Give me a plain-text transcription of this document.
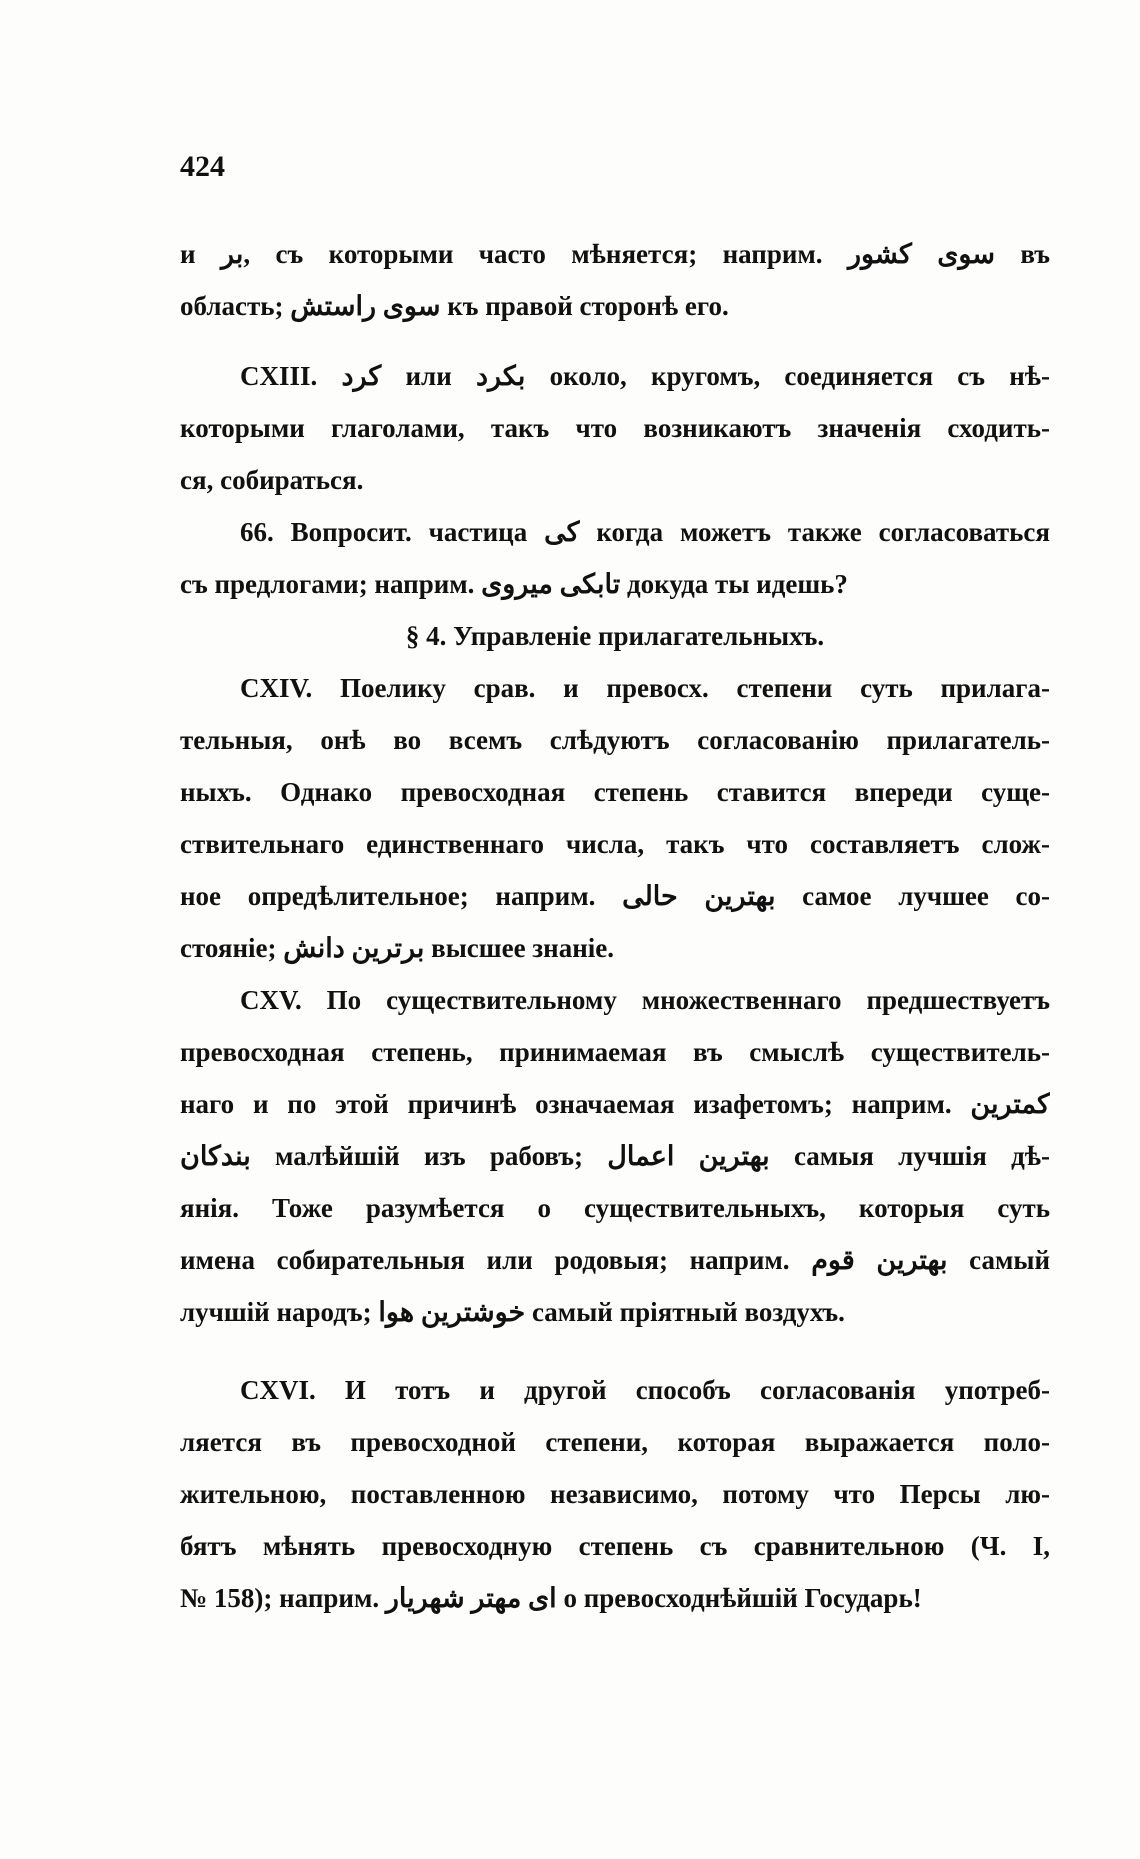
424
и بر, съ которыми часто мѣняется; наприм. سوی کشور въ
область; سوی راستش къ правой сторонѣ его.
CXIII. کرد или بکرد около, кругомъ, соединяется съ нѣ-
которыми глаголами, такъ что возникаютъ значенія сходить-
ся, собираться.
66. Вопросит. частица کی когда можетъ также согласоваться
съ предлогами; наприм. تابکی میروی докуда ты идешь?
§ 4. Управленіе прилагательныхъ.
CXIV. Поелику срав. и превосх. степени суть прилага-
тельныя, онѣ во всемъ слѣдуютъ согласованію прилагатель-
ныхъ. Однако превосходная степень ставится впереди суще-
ствительнаго единственнаго числа, такъ что составляетъ слож-
ное опредѣлительное; наприм. بهترین حالی самое лучшее со-
стояніе; برترین دانش высшее знаніе.
CXV. По существительному множественнаго предшествуетъ
превосходная степень, принимаемая въ смыслѣ существитель-
наго и по этой причинѣ означаемая изафетомъ; наприм. کمترین
بندکان малѣйшій изъ рабовъ; بهترین اعمال самыя лучшія дѣ-
янія. Тоже разумѣется о существительныхъ, которыя суть
имена собирательныя или родовыя; наприм. بهترین قوم самый
лучшій народъ; خوشترین هوا самый пріятный воздухъ.
CXVI. И тотъ и другой способъ согласованія употреб-
ляется въ превосходной степени, которая выражается поло-
жительною, поставленною независимо, потому что Персы лю-
бятъ мѣнять превосходную степень съ сравнительною (Ч. I,
№ 158); наприм. ای مهتر شهریار о превосходнѣйшій Государь!
